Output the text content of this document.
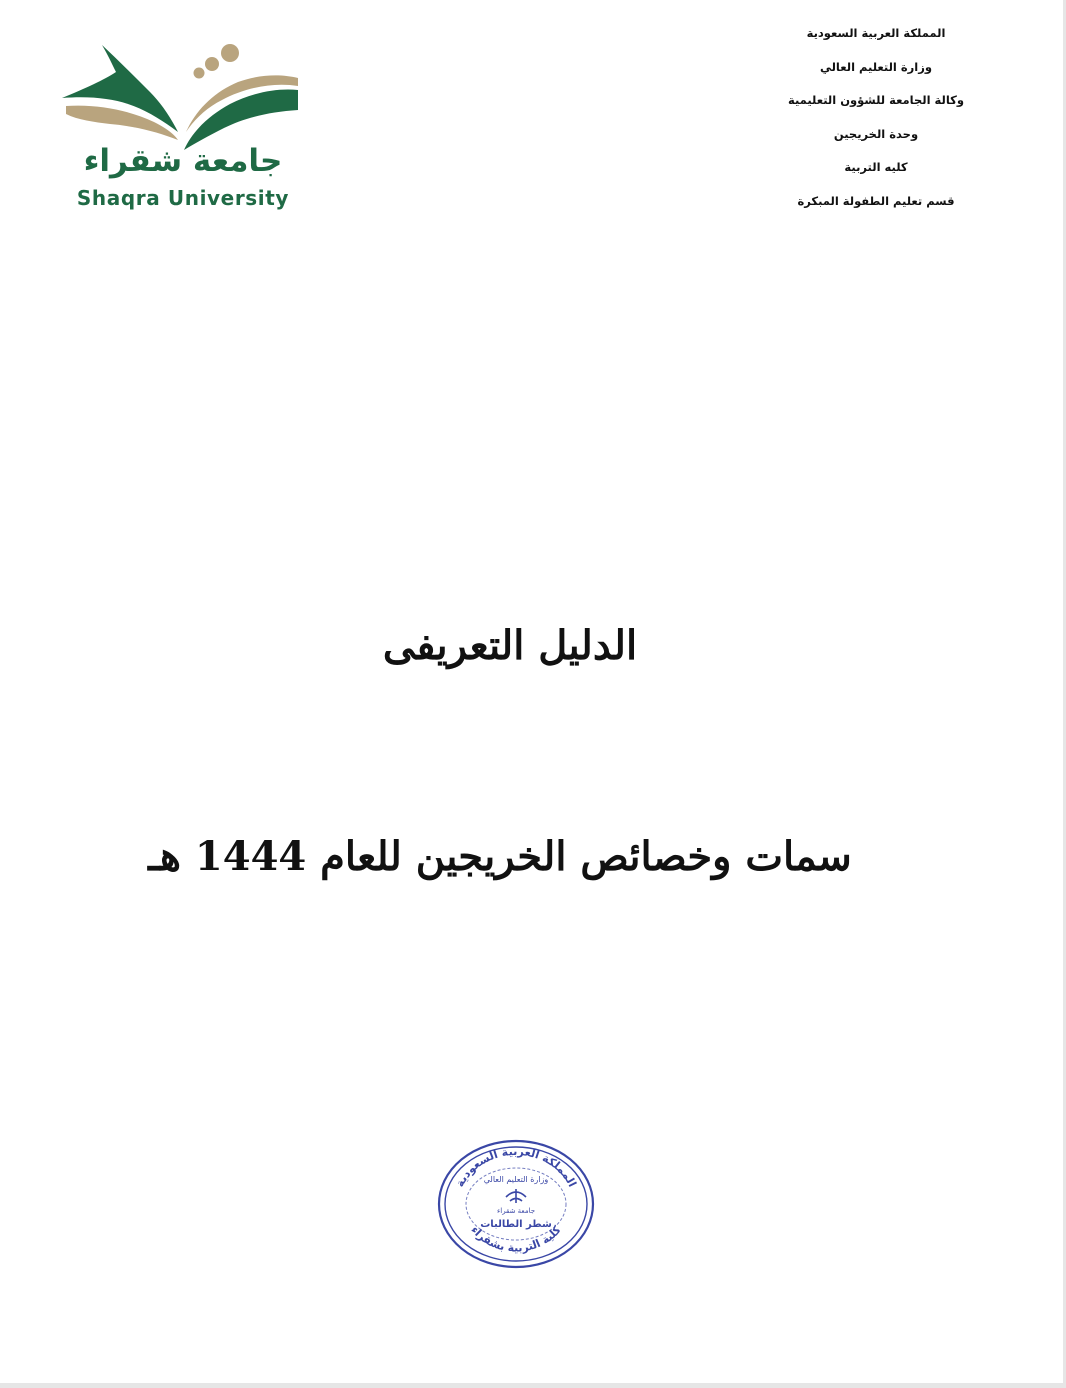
المملكة العربية السعودية
وزارة التعليم العالي
وكالة الجامعة للشؤون التعليمية
وحدة الخريجين
كليه التربية
قسم تعليم الطفولة المبكرة
جامعة شقراء
Shaqra University
الدليل التعريفى
سمات وخصائص الخريجين للعام 1444 هـ
المملكة العربية السعودية
وزارة التعليم العالي
جامعة شقراء
شطر الطالبات
كلية التربية بشقراء
